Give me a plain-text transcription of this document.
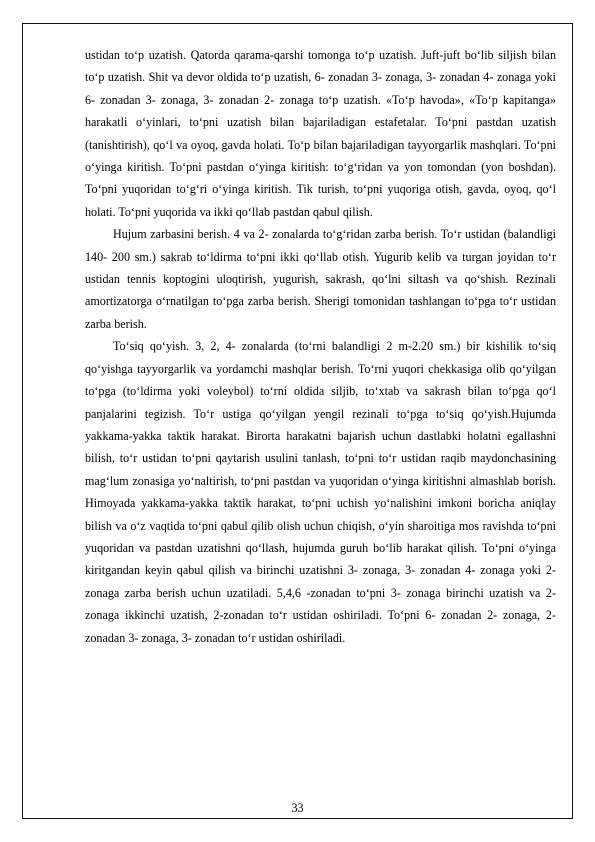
ustidan to‘p uzatish. Qatorda qarama-qarshi tomonga to‘p uzatish. Juft-juft bo‘lib siljish bilan to‘p uzatish. Shit va devor oldida to‘p uzatish, 6- zonadan 3- zonaga, 3- zonadan 4- zonaga yoki 6- zonadan 3- zonaga, 3- zonadan 2- zonaga to‘p uzatish. «To‘p havoda», «To‘p kapitanga» harakatli o‘yinlari, to‘pni uzatish bilan bajariladigan estafetalar. To‘pni pastdan uzatish (tanishtirish), qo‘l va oyoq, gavda holati. To‘p bilan bajariladigan tayyorgarlik mashqlari. To‘pni o‘yinga kiritish. To‘pni pastdan o‘yinga kiritish: to‘g‘ridan va yon tomondan (yon boshdan). To‘pni yuqoridan to‘g‘ri o‘yinga kiritish. Tik turish, to‘pni yuqoriga otish, gavda, oyoq, qo‘l holati. To‘pni yuqorida va ikki qo‘llab pastdan qabul qilish.

Hujum zarbasini berish. 4 va 2- zonalarda to‘g‘ridan zarba berish. To‘r ustidan (balandligi 140- 200 sm.) sakrab to‘ldirma to‘pni ikki qo‘llab otish. Yugurib kelib va turgan joyidan to‘r ustidan tennis koptogini uloqtirish, yugurish, sakrash, qo‘lni siltash va qo‘shish. Rezinali amortizatorga o‘rnatilgan to‘pga zarba berish. Sherigi tomonidan tashlangan to‘pga to‘r ustidan zarba berish.

To‘siq qo‘yish. 3, 2, 4- zonalarda (to‘rni balandligi 2 m-2.20 sm.) bir kishilik to‘siq qo‘yishga tayyorgarlik va yordamchi mashqlar berish. To‘rni yuqori chekkasiga olib qo‘yilgan to‘pga (to‘ldirma yoki voleybol) to‘rni oldida siljib, to‘xtab va sakrash bilan to‘pga qo‘l panjalarini tegizish. To‘r ustiga qo‘yilgan yengil rezinali to‘pga to‘siq qo‘yish.Hujumda yakkama-yakka taktik harakat. Birorta harakatni bajarish uchun dastlabki holatni egallashni bilish, to‘r ustidan to‘pni qaytarish usulini tanlash, to‘pni to‘r ustidan raqib maydonchasining mag‘lum zonasiga yo‘naltirish, to‘pni pastdan va yuqoridan o‘yinga kiritishni almashlab borish. Himoyada yakkama-yakka taktik harakat, to‘pni uchish yo‘nalishini imkoni boricha aniqlay bilish va o‘z vaqtida to‘pni qabul qilib olish uchun chiqish, o‘yin sharoitiga mos ravishda to‘pni yuqoridan va pastdan uzatishni qo‘llash, hujumda guruh bo‘lib harakat qilish. To‘pni o‘yinga kiritgandan keyin qabul qilish va birinchi uzatishni 3- zonaga, 3- zonadan 4- zonaga yoki 2- zonaga zarba berish uchun uzatiladi. 5,4,6 -zonadan to‘pni 3- zonaga birinchi uzatish va 2- zonaga ikkinchi uzatish, 2-zonadan to‘r ustidan oshiriladi. To‘pni 6- zonadan 2- zonaga, 2- zonadan 3- zonaga, 3- zonadan to‘r ustidan oshiriladi.

33
